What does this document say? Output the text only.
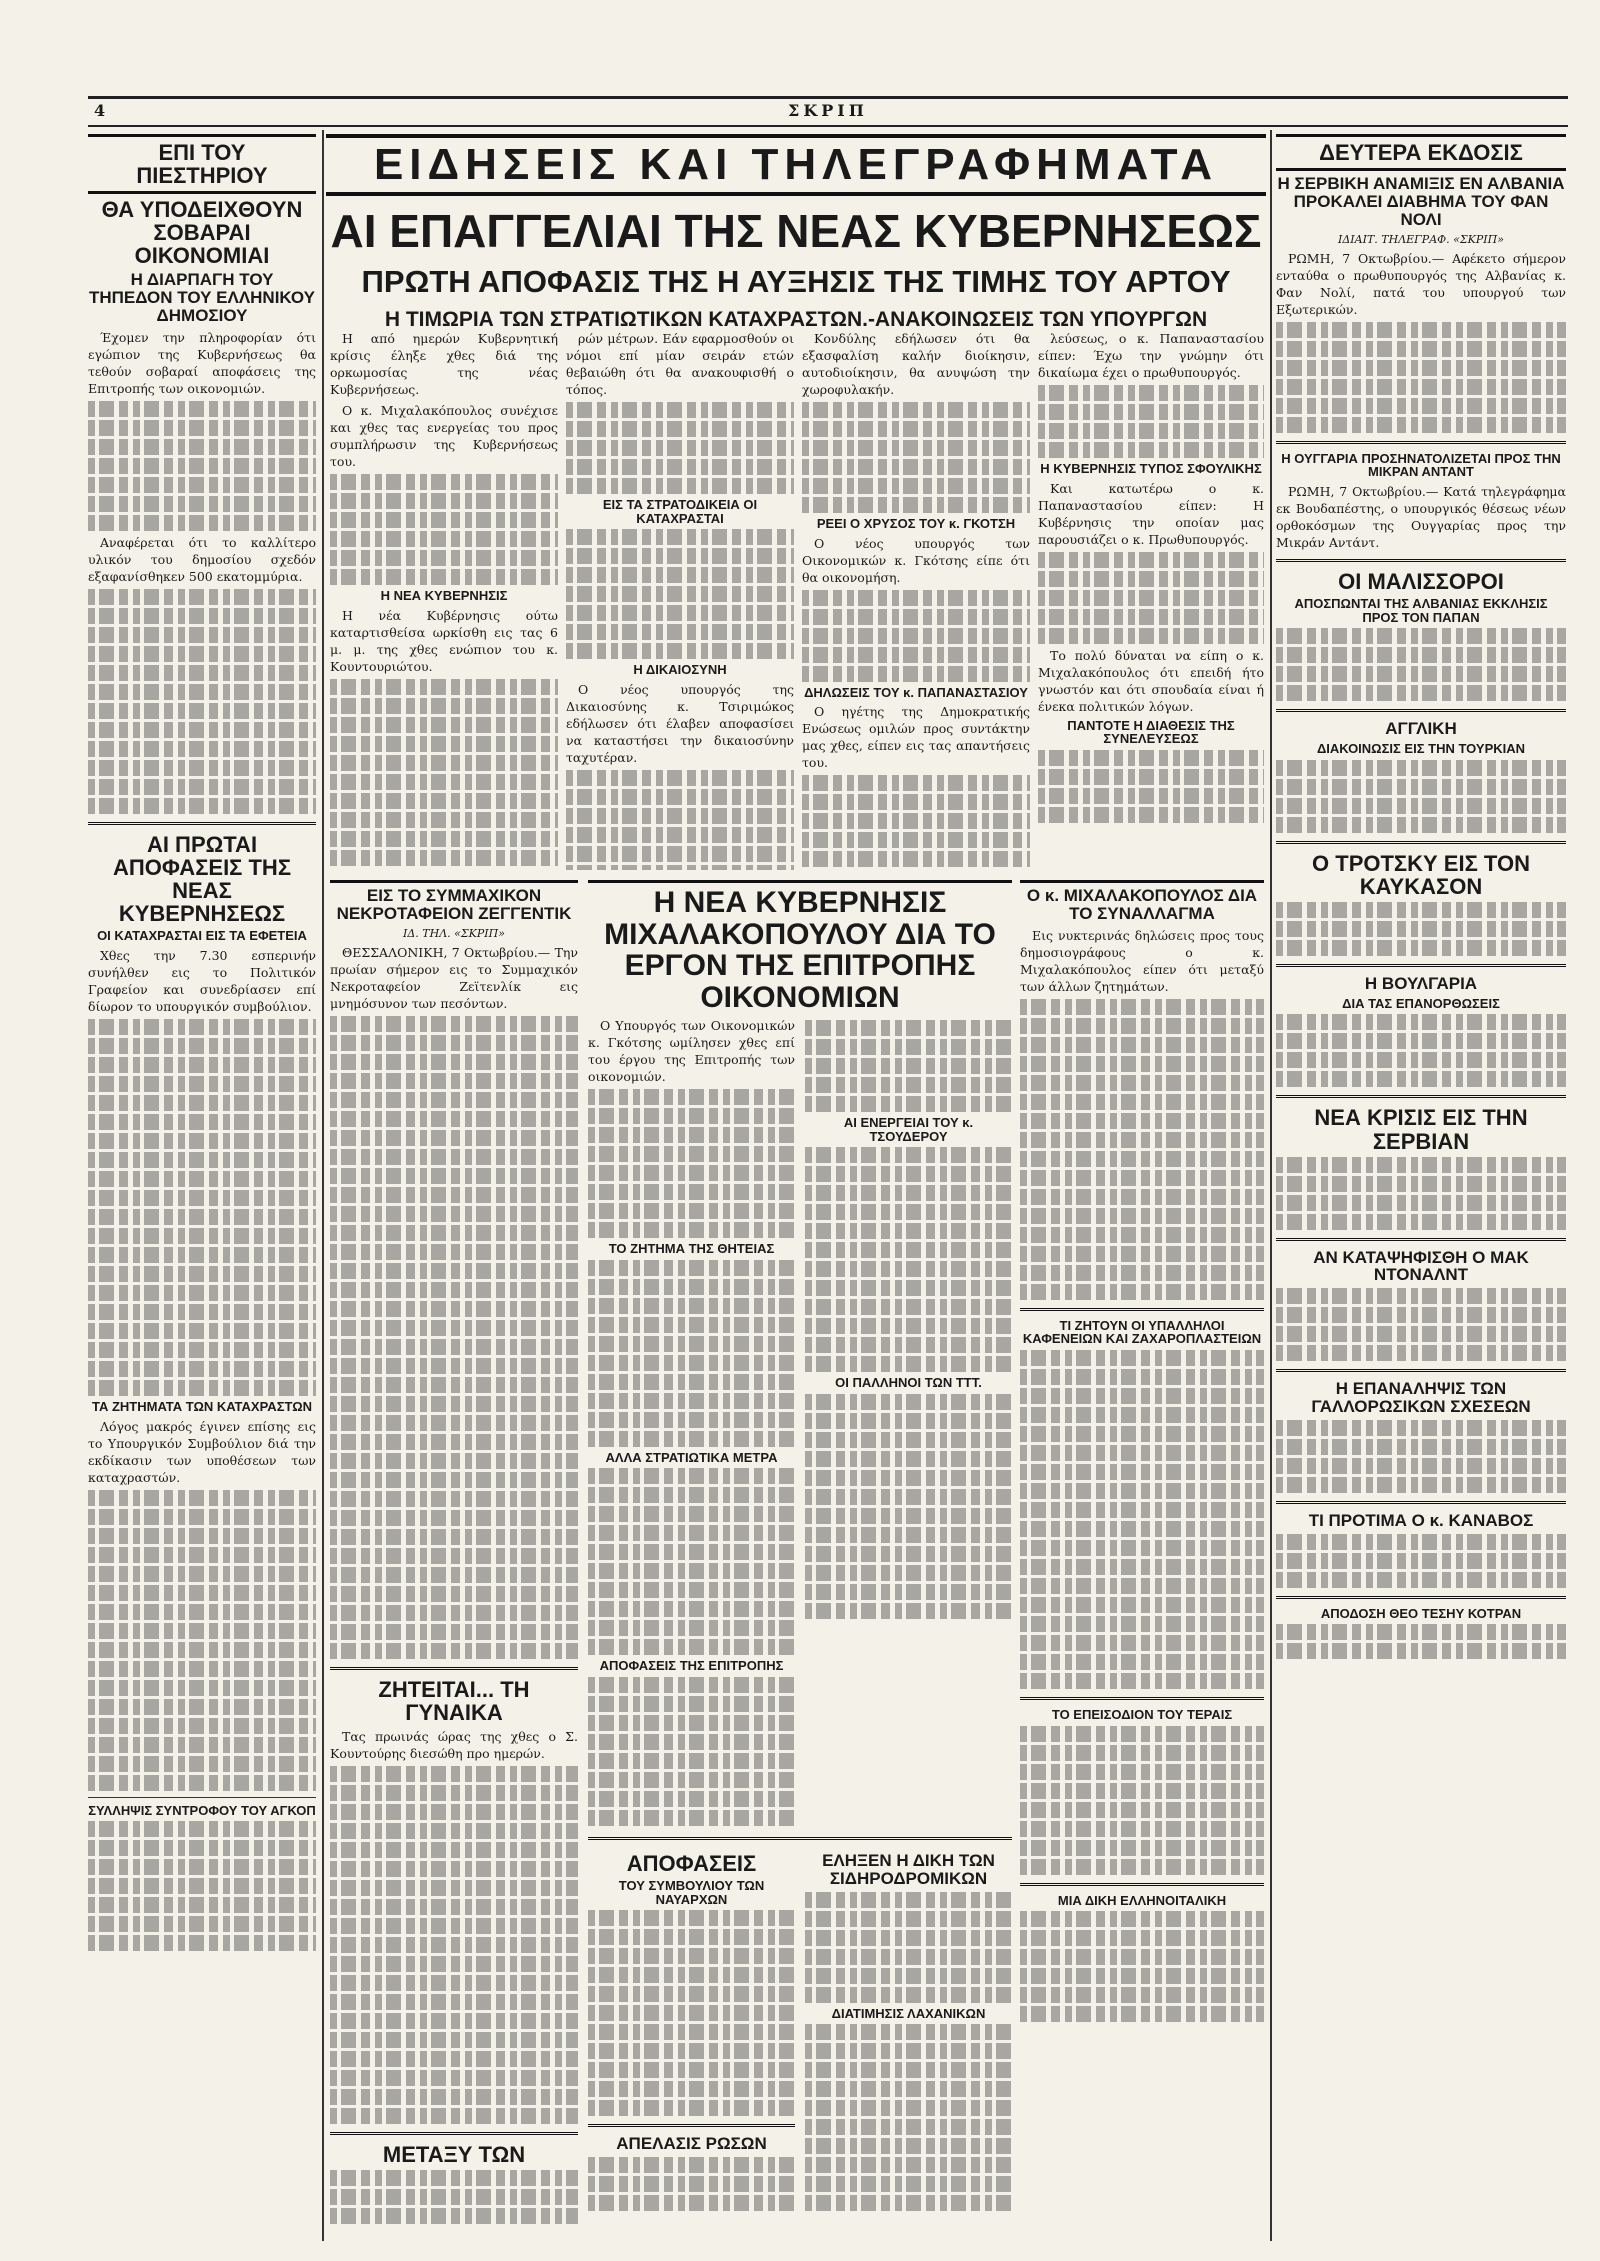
4	ΣΚΡΙΠ
ΕΠΙ ΤΟΥ ΠΙΕΣΤΗΡΙΟΥ
ΘΑ ΥΠΟΔΕΙΧΘΟΥΝ ΣΟΒΑΡΑΙ ΟΙΚΟΝΟΜΙΑΙ
Η ΔΙΑΡΠΑΓΗ ΤΟΥ ΤΗΠΕΔΟΝ ΤΟΥ ΕΛΛΗΝΙΚΟΥ ΔΗΜΟΣΙΟΥ

Έχομεν την πληροφορίαν ότι εγώπιον της Κυβερνήσεως θα τεθούν σοβαραί αποφάσεις της Επιτροπής των οικονομιών.

Αναφέρεται ότι το καλλίτερο υλικόν του δημοσίου σχεδόν εξαφανίσθηκεν 500 εκατομμύρια.

ΑΙ ΠΡΩΤΑΙ ΑΠΟΦΑΣΕΙΣ ΤΗΣ ΝΕΑΣ ΚΥΒΕΡΝΗΣΕΩΣ
ΟΙ ΚΑΤΑΧΡΑΣΤΑΙ ΕΙΣ ΤΑ ΕΦΕΤΕΙΑ

Χθες την 7.30 εσπερινήν συνήλθεν εις το Πολιτικόν Γραφείον και συνεδρίασεν επί δίωρον το υπουργικόν συμβούλιον.

ΤΑ ΖΗΤΗΜΑΤΑ ΤΩΝ ΚΑΤΑΧΡΑΣΤΩΝ

Λόγος μακρός έγινεν επίσης εις το Υπουργικόν Συμβούλιον διά την εκδίκασιν των υποθέσεων των καταχραστών.

ΣΥΛΛΗΨΙΣ ΣΥΝΤΡΟΦΟΥ ΤΟΥ ΑΓΚΟΠ
ΕΙΔΗΣΕΙΣ ΚΑΙ ΤΗΛΕΓΡΑΦΗΜΑΤΑ
ΑΙ ΕΠΑΓΓΕΛΙΑΙ ΤΗΣ ΝΕΑΣ ΚΥΒΕΡΝΗΣΕΩΣ
ΠΡΩΤΗ ΑΠΟΦΑΣΙΣ ΤΗΣ Η ΑΥΞΗΣΙΣ ΤΗΣ ΤΙΜΗΣ ΤΟΥ ΑΡΤΟΥ
Η ΤΙΜΩΡΙΑ ΤΩΝ ΣΤΡΑΤΙΩΤΙΚΩΝ ΚΑΤΑΧΡΑΣΤΩΝ.-ΑΝΑΚΟΙΝΩΣΕΙΣ ΤΩΝ ΥΠΟΥΡΓΩΝ

Η από ημερών Κυβερνητική κρίσις έληξε χθες διά της ορκωμοσίας της νέας Κυβερνήσεως.

Ο κ. Μιχαλακόπουλος συνέχισε και χθες τας ενεργείας του προς συμπλήρωσιν της Κυβερνήσεως του.

Η ΝΕΑ ΚΥΒΕΡΝΗΣΙΣ

Η νέα Κυβέρνησις ούτω καταρτισθείσα ωρκίσθη εις τας 6 μ. μ. της χθες ενώπιον του κ. Κουντουριώτου.

ρών μέτρων. Εάν εφαρμοσθούν οι νόμοι επί μίαν σειράν ετών θεβαιώθη ότι θα ανακουφισθή ο τόπος.

ΕΙΣ ΤΑ ΣΤΡΑΤΟΔΙΚΕΙΑ ΟΙ ΚΑΤΑΧΡΑΣΤΑΙ
Η ΔΙΚΑΙΟΣΥΝΗ

Ο νέος υπουργός της Δικαιοσύνης κ. Τσιριμώκος εδήλωσεν ότι έλαβεν αποφασίσει να καταστήσει την δικαιοσύνην ταχυτέραν.

Κονδύλης εδήλωσεν ότι θα εξασφαλίση καλήν διοίκησιν, αυτοδιοίκησιν, θα ανυψώση την χωροφυλακήν.

ΡΕΕΙ Ο ΧΡΥΣΟΣ ΤΟΥ κ. ΓΚΟΤΣΗ

Ο νέος υπουργός των Οικονομικών κ. Γκότσης είπε ότι θα οικονομήση.

ΔΗΛΩΣΕΙΣ ΤΟΥ κ. ΠΑΠΑΝΑΣΤΑΣΙΟΥ

Ο ηγέτης της Δημοκρατικής Ενώσεως ομιλών προς συντάκτην μας χθες, είπεν εις τας απαντήσεις του.

λεύσεως, ο κ. Παπαναστασίου είπεν: Έχω την γνώμην ότι δικαίωμα έχει ο πρωθυπουργός.

Η ΚΥΒΕΡΝΗΣΙΣ ΤΥΠΟΣ ΣΦΟΥΛΙΚΗΣ

Και κατωτέρω ο κ. Παπαναστασίου είπεν: Η Κυβέρνησις την οποίαν μας παρουσιάζει ο κ. Πρωθυπουργός.

Το πολύ δύναται να είπη ο κ. Μιχαλακόπουλος ότι επειδή ήτο γνωστόν και ότι σπουδαία είναι ή ένεκα πολιτικών λόγων.

ΠΑΝΤΟΤΕ Η ΔΙΑΘΕΣΙΣ ΤΗΣ ΣΥΝΕΛΕΥΣΕΩΣ
ΕΙΣ ΤΟ ΣΥΜΜΑΧΙΚΟΝ ΝΕΚΡΟΤΑΦΕΙΟΝ ΖΕΓΓΕΝΤΙΚ
ΙΔ. ΤΗΛ. «ΣΚΡΙΠ»

ΘΕΣΣΑΛΟΝΙΚΗ, 7 Οκτωβρίου.— Την πρωίαν σήμερον εις το Συμμαχικόν Νεκροταφείον Ζεϊτενλίκ εις μνημόσυνον των πεσόντων.

ΖΗΤΕΙΤΑΙ... ΤΗ ΓΥΝΑΙΚΑ

Τας πρωινάς ώρας της χθες ο Σ. Κουντούρης διεσώθη προ ημερών.

ΜΕΤΑΞΥ ΤΩΝ
Η ΝΕΑ ΚΥΒΕΡΝΗΣΙΣ ΜΙΧΑΛΑΚΟΠΟΥΛΟΥ ΔΙΑ ΤΟ ΕΡΓΟΝ ΤΗΣ ΕΠΙΤΡΟΠΗΣ ΟΙΚΟΝΟΜΙΩΝ

Ο Υπουργός των Οικονομικών κ. Γκότσης ωμίλησεν χθες επί του έργου της Επιτροπής των οικονομιών.

ΤΟ ΖΗΤΗΜΑ ΤΗΣ ΘΗΤΕΙΑΣ
ΑΛΛΑ ΣΤΡΑΤΙΩΤΙΚΑ ΜΕΤΡΑ
ΑΠΟΦΑΣΕΙΣ ΤΗΣ ΕΠΙΤΡΟΠΗΣ
ΑΙ ΕΝΕΡΓΕΙΑΙ ΤΟΥ κ. ΤΣΟΥΔΕΡΟΥ
ΟΙ ΠΑΛΛΗΝΟΙ ΤΩΝ ΤΤΤ.
ΑΠΟΦΑΣΕΙΣ
ΤΟΥ ΣΥΜΒΟΥΛΙΟΥ ΤΩΝ ΝΑΥΑΡΧΩΝ
ΑΠΕΛΑΣΙΣ ΡΩΣΩΝ
ΕΛΗΞΕΝ Η ΔΙΚΗ ΤΩΝ ΣΙΔΗΡΟΔΡΟΜΙΚΩΝ
ΔΙΑΤΙΜΗΣΙΣ ΛΑΧΑΝΙΚΩΝ
Ο κ. ΜΙΧΑΛΑΚΟΠΟΥΛΟΣ ΔΙΑ ΤΟ ΣΥΝΑΛΛΑΓΜΑ

Εις νυκτερινάς δηλώσεις προς τους δημοσιογράφους ο κ. Μιχαλακόπουλος είπεν ότι μεταξύ των άλλων ζητημάτων.

ΤΙ ΖΗΤΟΥΝ ΟΙ ΥΠΑΛΛΗΛΟΙ ΚΑΦΕΝΕΙΩΝ ΚΑΙ ΖΑΧΑΡΟΠΛΑΣΤΕΙΩΝ
ΤΟ ΕΠΕΙΣΟΔΙΟΝ ΤΟΥ ΤΕΡΑΙΣ
ΜΙΑ ΔΙΚΗ ΕΛΛΗΝΟΙΤΑΛΙΚΗ
ΔΕΥΤΕΡΑ ΕΚΔΟΣΙΣ
Η ΣΕΡΒΙΚΗ ΑΝΑΜΙΞΙΣ ΕΝ ΑΛΒΑΝΙΑ ΠΡΟΚΑΛΕΙ ΔΙΑΒΗΜΑ ΤΟΥ ΦΑΝ ΝΟΛΙ
ΙΔΙΑΙΤ. ΤΗΛΕΓΡΑΦ. «ΣΚΡΙΠ»

ΡΩΜΗ, 7 Οκτωβρίου.— Αφέκετο σήμερον ενταύθα ο πρωθυπουργός της Αλβανίας κ. Φαν Νολί, πατά του υπουργού των Εξωτερικών.

Η ΟΥΓΓΑΡΙΑ ΠΡΟΣΗΝΑΤΟΛΙΖΕΤΑΙ ΠΡΟΣ ΤΗΝ ΜΙΚΡΑΝ ΑΝΤΑΝΤ

ΡΩΜΗ, 7 Οκτωβρίου.— Κατά τηλεγράφημα εκ Βουδαπέστης, ο υπουργικός θέσεως νέων ορθοκόσμων της Ουγγαρίας προς την Μικράν Αντάντ.

ΟΙ ΜΑΛΙΣΣΟΡΟΙ
ΑΠΟΣΠΩΝΤΑΙ ΤΗΣ ΑΛΒΑΝΙΑΣ ΕΚΚΛΗΣΙΣ ΠΡΟΣ ΤΟΝ ΠΑΠΑΝ
ΑΓΓΛΙΚΗ
ΔΙΑΚΟΙΝΩΣΙΣ ΕΙΣ ΤΗΝ ΤΟΥΡΚΙΑΝ
Ο ΤΡΟΤΣΚΥ ΕΙΣ ΤΟΝ ΚΑΥΚΑΣΟΝ
Η ΒΟΥΛΓΑΡΙΑ
ΔΙΑ ΤΑΣ ΕΠΑΝΟΡΘΩΣΕΙΣ
ΝΕΑ ΚΡΙΣΙΣ ΕΙΣ ΤΗΝ ΣΕΡΒΙΑΝ
ΑΝ ΚΑΤΑΨΗΦΙΣΘΗ Ο ΜΑΚ ΝΤΟΝΑΛΝΤ
Η ΕΠΑΝΑΛΗΨΙΣ ΤΩΝ ΓΑΛΛΟΡΩΣΙΚΩΝ ΣΧΕΣΕΩΝ
ΤΙ ΠΡΟΤΙΜΑ Ο κ. ΚΑΝΑΒΟΣ
ΑΠΟΔΟΣΗ ΘΕΟ ΤΕΣΗΥ ΚΟΤΡΑΝ
